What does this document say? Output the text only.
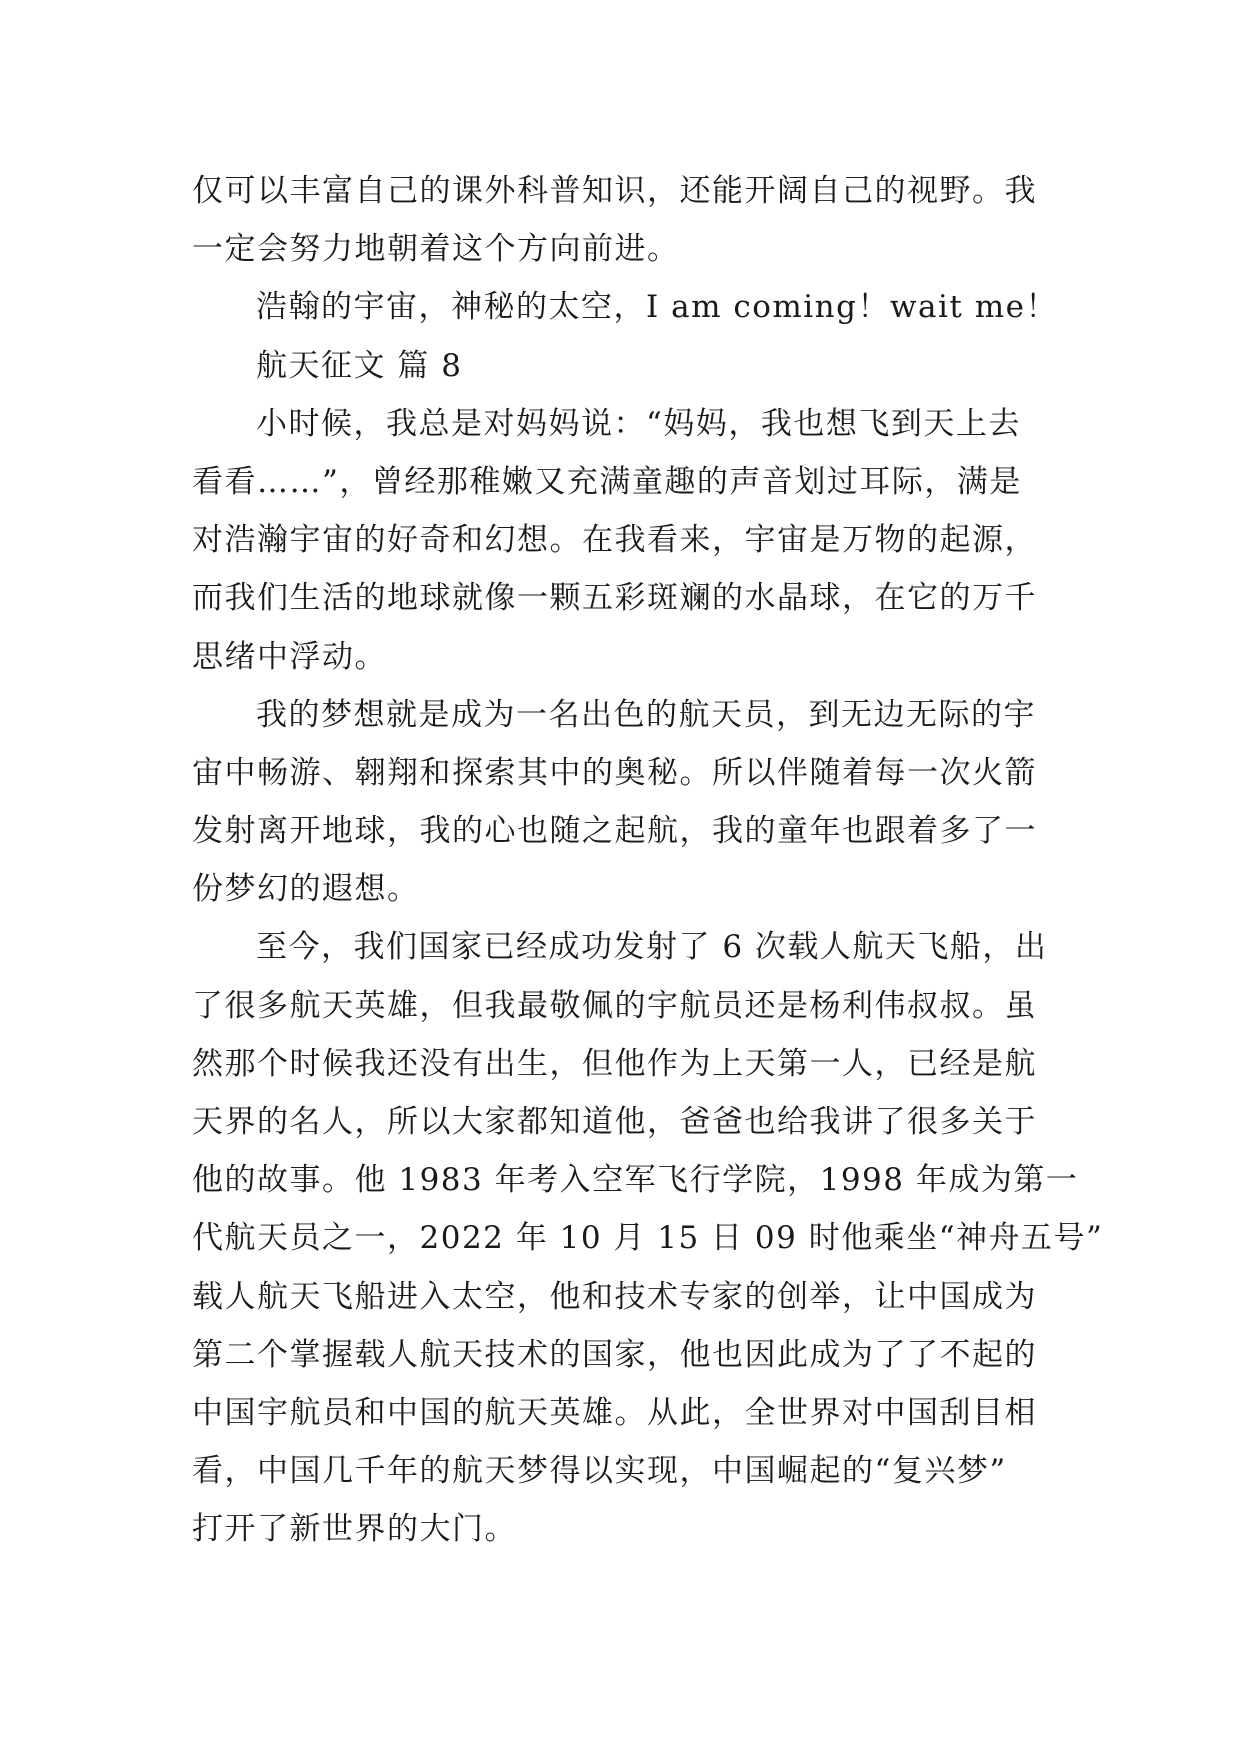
仅可以丰富自己的课外科普知识，还能开阔自己的视野。我
一定会努力地朝着这个方向前进。
浩翰的宇宙，神秘的太空，I am coming！wait me！
航天征文 篇 8
小时候，我总是对妈妈说：“妈妈，我也想飞到天上去
看看……”，曾经那稚嫩又充满童趣的声音划过耳际，满是
对浩瀚宇宙的好奇和幻想。在我看来，宇宙是万物的起源，
而我们生活的地球就像一颗五彩斑斓的水晶球，在它的万千
思绪中浮动。
我的梦想就是成为一名出色的航天员，到无边无际的宇
宙中畅游、翱翔和探索其中的奥秘。所以伴随着每一次火箭
发射离开地球，我的心也随之起航，我的童年也跟着多了一
份梦幻的遐想。
至今，我们国家已经成功发射了 6 次载人航天飞船，出
了很多航天英雄，但我最敬佩的宇航员还是杨利伟叔叔。虽
然那个时候我还没有出生，但他作为上天第一人，已经是航
天界的名人，所以大家都知道他，爸爸也给我讲了很多关于
他的故事。他 1983 年考入空军飞行学院，1998 年成为第一
代航天员之一，2022 年 10 月 15 日 09 时他乘坐“神舟五号”
载人航天飞船进入太空，他和技术专家的创举，让中国成为
第二个掌握载人航天技术的国家，他也因此成为了了不起的
中国宇航员和中国的航天英雄。从此，全世界对中国刮目相
看，中国几千年的航天梦得以实现，中国崛起的“复兴梦”
打开了新世界的大门。
